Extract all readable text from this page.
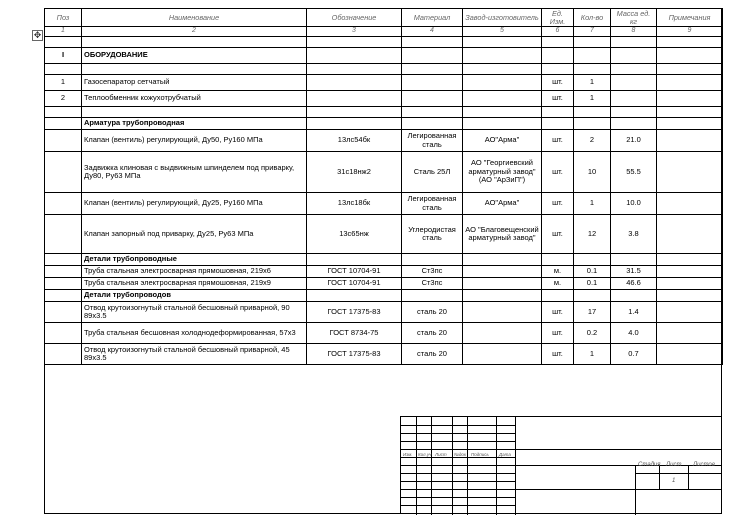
✥
Поз	Наименование	Обозначение	Материал	Завод-изготовитель	Ед. Изм.	Кол-во	Масса ед. кг	Примечания
1	2	3	4	5	6	7	8	9

I	ОБОРУДОВАНИЕ							

1	Газосепаратор сетчатый				шт.	1		
2	Теплообменник кожухотрубчатый				шт.	1		

	Арматура трубопроводная							
	Клапан (вентиль) регулирующий, Ду50, Ру160 МПа	13лс54бк	Легированная сталь	АО"Арма"	шт.	2	21.0	
	Задвижка клиновая с выдвижным шпинделем под приварку, Ду80, Ру63 МПа	31с18нж2	Сталь 25Л	АО "Георгиевский арматурный завод" (АО "АрЗиП")	шт.	10	55.5	
	Клапан (вентиль) регулирующий, Ду25, Ру160 МПа	13лс18бк	Легированная сталь	АО"Арма"	шт.	1	10.0	
	Клапан запорный под приварку, Ду25, Ру63 МПа	13с65нж	Углеродистая сталь	АО "Благовещенский арматурный завод"	шт.	12	3.8	
	Детали трубопроводные							
	Труба стальная электросварная прямошовная, 219х6	ГОСТ 10704-91	Ст3пс		м.	0.1	31.5	
	Труба стальная электросварная прямошовная, 219х9	ГОСТ 10704-91	Ст3пс		м.	0.1	46.6	
	Детали трубопроводов							
	Отвод крутоизогнутый стальной бесшовный приварной, 90 89х3.5	ГОСТ 17375-83	сталь 20		шт.	17	1.4	
	Труба стальная бесшовная холоднодеформированная, 57х3	ГОСТ 8734-75	сталь 20		шт.	0.2	4.0	
	Отвод крутоизогнутый стальной бесшовный приварной, 45 89х3.5	ГОСТ 17375-83	сталь 20		шт.	1	0.7	
Изм. Кол.уч Лист №док Подпись Дата
Стадия Лист Листов
1
